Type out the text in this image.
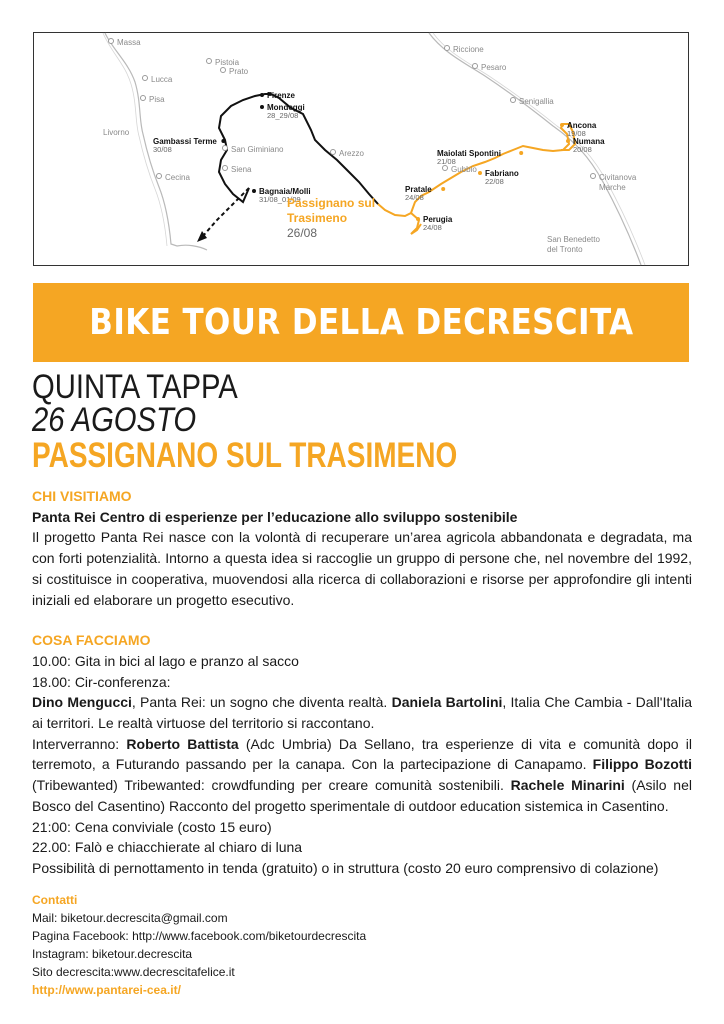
Massa
Pistoia
Prato
Lucca
Pisa
Livorno
San Giminiano
Siena
Cecina
Arezzo
Gubbio
Riccione
Pesaro
Senigallia
Civitanova
Marche
San Benedetto
del Tronto
Firenze
Mondeggi
28_29/08
Gambassi Terme
30/08
Bagnaia/Molli
31/08_01/09
Ancona
19/08
Numana
20/08
Maiolati Spontini
21/08
Fabriano
22/08
Pratale
24/08
Perugia
24/08
Passignano sul
Trasimeno
26/08
BIKE TOUR DELLA DECRESCITA
QUINTA TAPPA
26 AGOSTO
PASSIGNANO SUL TRASIMENO

CHI VISITIAMO

Panta Rei Centro di esperienze per l’educazione allo sviluppo sostenibile

Il progetto Panta Rei nasce con la volontà di recuperare un’area agricola abbandonata e degradata, ma con forti potenzialità. Intorno a questa idea si raccoglie un gruppo di persone che, nel novembre del 1992, si costituisce in cooperativa, muovendosi alla ricerca di collaborazioni e risorse per approfondire gli intenti iniziali ed elaborare un progetto esecutivo.

COSA FACCIAMO

10.00: Gita in bici al lago e pranzo al sacco

18.00: Cir-conferenza:

Dino Mengucci, Panta Rei: un sogno che diventa realtà. Daniela Bartolini, Italia Che Cambia - Dall'Italia ai territori. Le realtà virtuose del territorio si raccontano.

Interverranno: Roberto Battista (Adc Umbria) Da Sellano, tra esperienze di vita e comunità dopo il terremoto, a Futurando passando per la canapa. Con la partecipazione di Canapamo. Filippo Bozotti (Tribewanted) Tribewanted: crowdfunding per creare comunità sostenibili. Rachele Minarini (Asilo nel Bosco del Casentino) Racconto del progetto sperimentale di outdoor education sistemica in Casentino.

21:00: Cena conviviale (costo 15 euro)

22.00: Falò e chiacchierate al chiaro di luna

Possibilità di pernottamento in tenda (gratuito) o in struttura (costo 20 euro comprensivo di colazione)

Contatti
Mail: biketour.decrescita@gmail.com
Pagina Facebook: http://www.facebook.com/biketourdecrescita
Instagram: biketour.decrescita
Sito decrescita:www.decrescitafelice.it
http://www.pantarei-cea.it/
